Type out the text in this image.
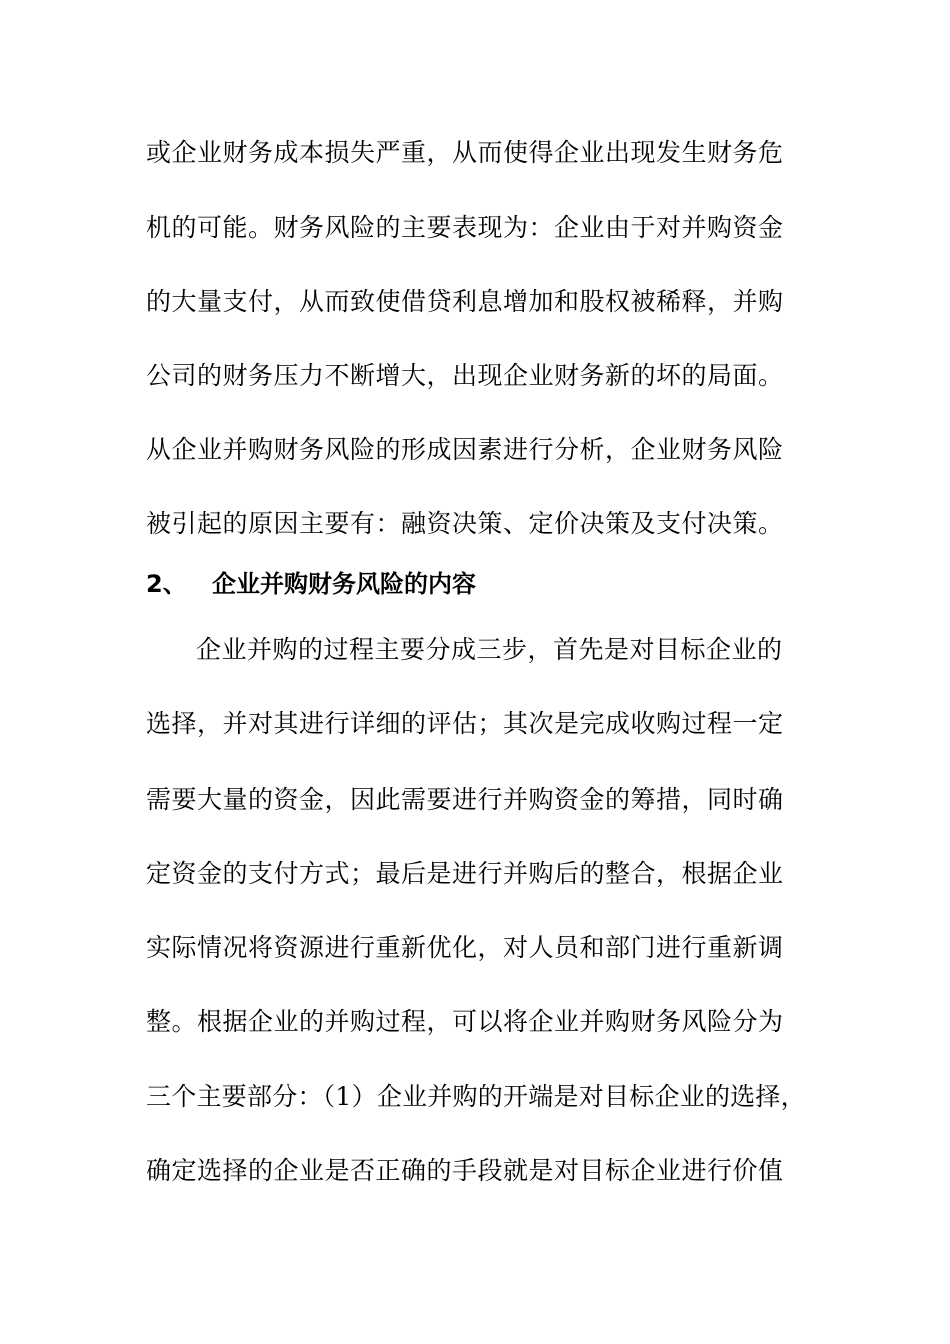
或企业财务成本损失严重，从而使得企业出现发生财务危
机的可能。财务风险的主要表现为：企业由于对并购资金
的大量支付，从而致使借贷利息增加和股权被稀释，并购
公司的财务压力不断增大，出现企业财务新的坏的局面。
从企业并购财务风险的形成因素进行分析，企业财务风险
被引起的原因主要有：融资决策、定价决策及支付决策。
2、 企业并购财务风险的内容
企业并购的过程主要分成三步，首先是对目标企业的
选择，并对其进行详细的评估；其次是完成收购过程一定
需要大量的资金，因此需要进行并购资金的筹措，同时确
定资金的支付方式；最后是进行并购后的整合，根据企业
实际情况将资源进行重新优化，对人员和部门进行重新调
整。根据企业的并购过程，可以将企业并购财务风险分为
三个主要部分：（1）企业并购的开端是对目标企业的选择，
确定选择的企业是否正确的手段就是对目标企业进行价值
